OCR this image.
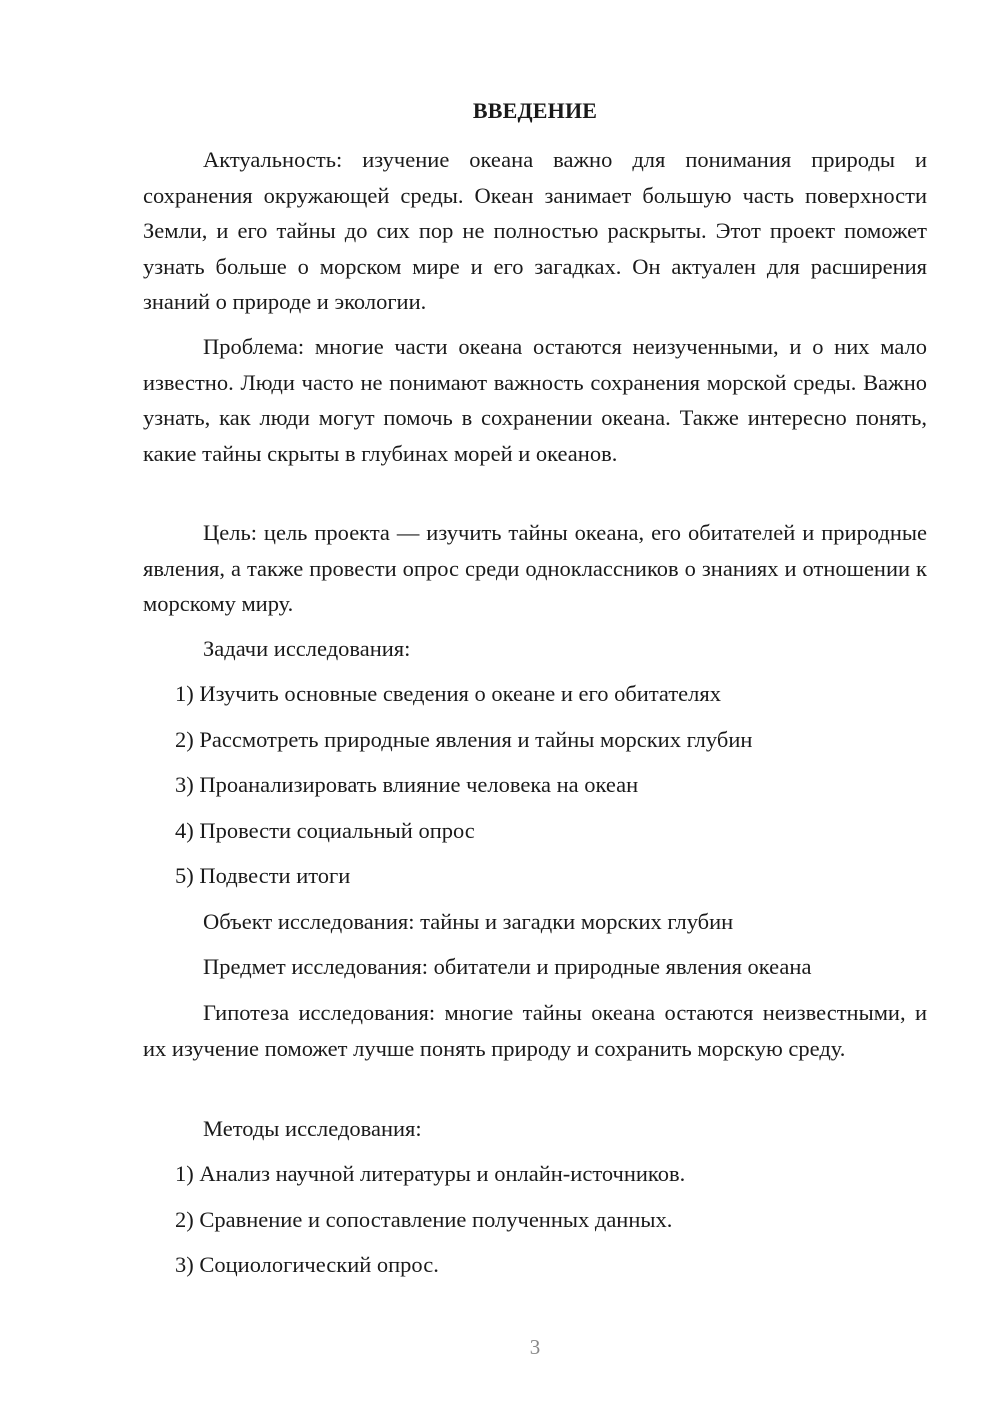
ВВЕДЕНИЕ

Актуальность: изучение океана важно для понимания природы и сохранения окружающей среды. Океан занимает большую часть поверхности Земли, и его тайны до сих пор не полностью раскрыты. Этот проект поможет узнать больше о морском мире и его загадках. Он актуален для расширения знаний о природе и экологии.

Проблема: многие части океана остаются неизученными, и о них мало известно. Люди часто не понимают важность сохранения морской среды. Важно узнать, как люди могут помочь в сохранении океана. Также интересно понять, какие тайны скрыты в глубинах морей и океанов.

Цель: цель проекта — изучить тайны океана, его обитателей и природные явления, а также провести опрос среди одноклассников о знаниях и отношении к морскому миру.

Задачи исследования:

1) Изучить основные сведения о океане и его обитателях

2) Рассмотреть природные явления и тайны морских глубин

3) Проанализировать влияние человека на океан

4) Провести социальный опрос

5) Подвести итоги

Объект исследования: тайны и загадки морских глубин

Предмет исследования: обитатели и природные явления океана

Гипотеза исследования: многие тайны океана остаются неизвестными, и их изучение поможет лучше понять природу и сохранить морскую среду.

Методы исследования:

1) Анализ научной литературы и онлайн-источников.

2) Сравнение и сопоставление полученных данных.

3) Социологический опрос.

3
